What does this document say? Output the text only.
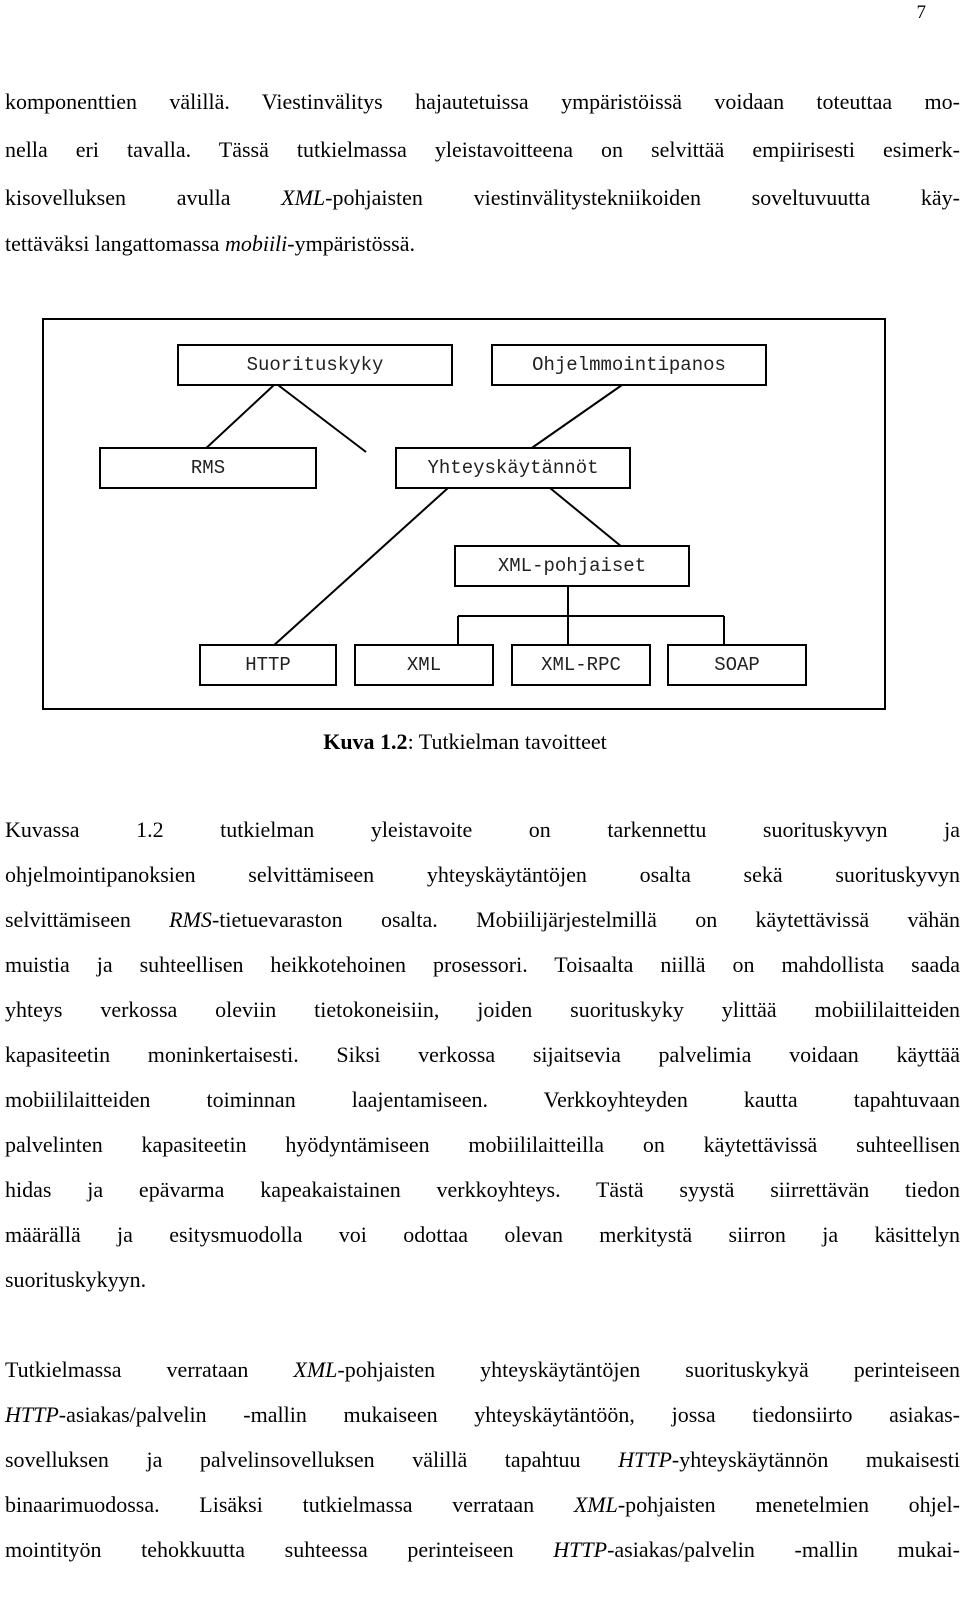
7
komponenttien välillä. Viestinvälitys hajautetuissa ympäristöissä voidaan toteuttaa mo-
nella eri tavalla. Tässä tutkielmassa yleistavoitteena on selvittää empiirisesti esimerk-
kisovelluksen avulla XML-pohjaisten viestinvälitystekniikoiden soveltuvuutta käy-
tettäväksi langattomassa mobiili-ympäristössä.
Suorituskyky	Ohjelmmointipanos
RMS	Yhteyskäytännöt
XML-pohjaiset
HTTP	XML	XML-RPC	SOAP
Kuva 1.2: Tutkielman tavoitteet
Kuvassa 1.2 tutkielman yleistavoite on tarkennettu suorituskyvyn ja
ohjelmointipanoksien selvittämiseen yhteyskäytäntöjen osalta sekä suorituskyvyn
selvittämiseen RMS-tietuevaraston osalta. Mobiilijärjestelmillä on käytettävissä vähän
muistia ja suhteellisen heikkotehoinen prosessori. Toisaalta niillä on mahdollista saada
yhteys verkossa oleviin tietokoneisiin, joiden suorituskyky ylittää mobiililaitteiden
kapasiteetin moninkertaisesti. Siksi verkossa sijaitsevia palvelimia voidaan käyttää
mobiililaitteiden toiminnan laajentamiseen. Verkkoyhteyden kautta tapahtuvaan
palvelinten kapasiteetin hyödyntämiseen mobiililaitteilla on käytettävissä suhteellisen
hidas ja epävarma kapeakaistainen verkkoyhteys. Tästä syystä siirrettävän tiedon
määrällä ja esitysmuodolla voi odottaa olevan merkitystä siirron ja käsittelyn
suorituskykyyn.
Tutkielmassa verrataan XML-pohjaisten yhteyskäytäntöjen suorituskykyä perinteiseen
HTTP-asiakas/palvelin -mallin mukaiseen yhteyskäytäntöön, jossa tiedonsiirto asiakas-
sovelluksen ja palvelinsovelluksen välillä tapahtuu HTTP-yhteyskäytännön mukaisesti
binaarimuodossa. Lisäksi tutkielmassa verrataan XML-pohjaisten menetelmien ohjel-
mointityön tehokkuutta suhteessa perinteiseen HTTP-asiakas/palvelin -mallin mukai-
